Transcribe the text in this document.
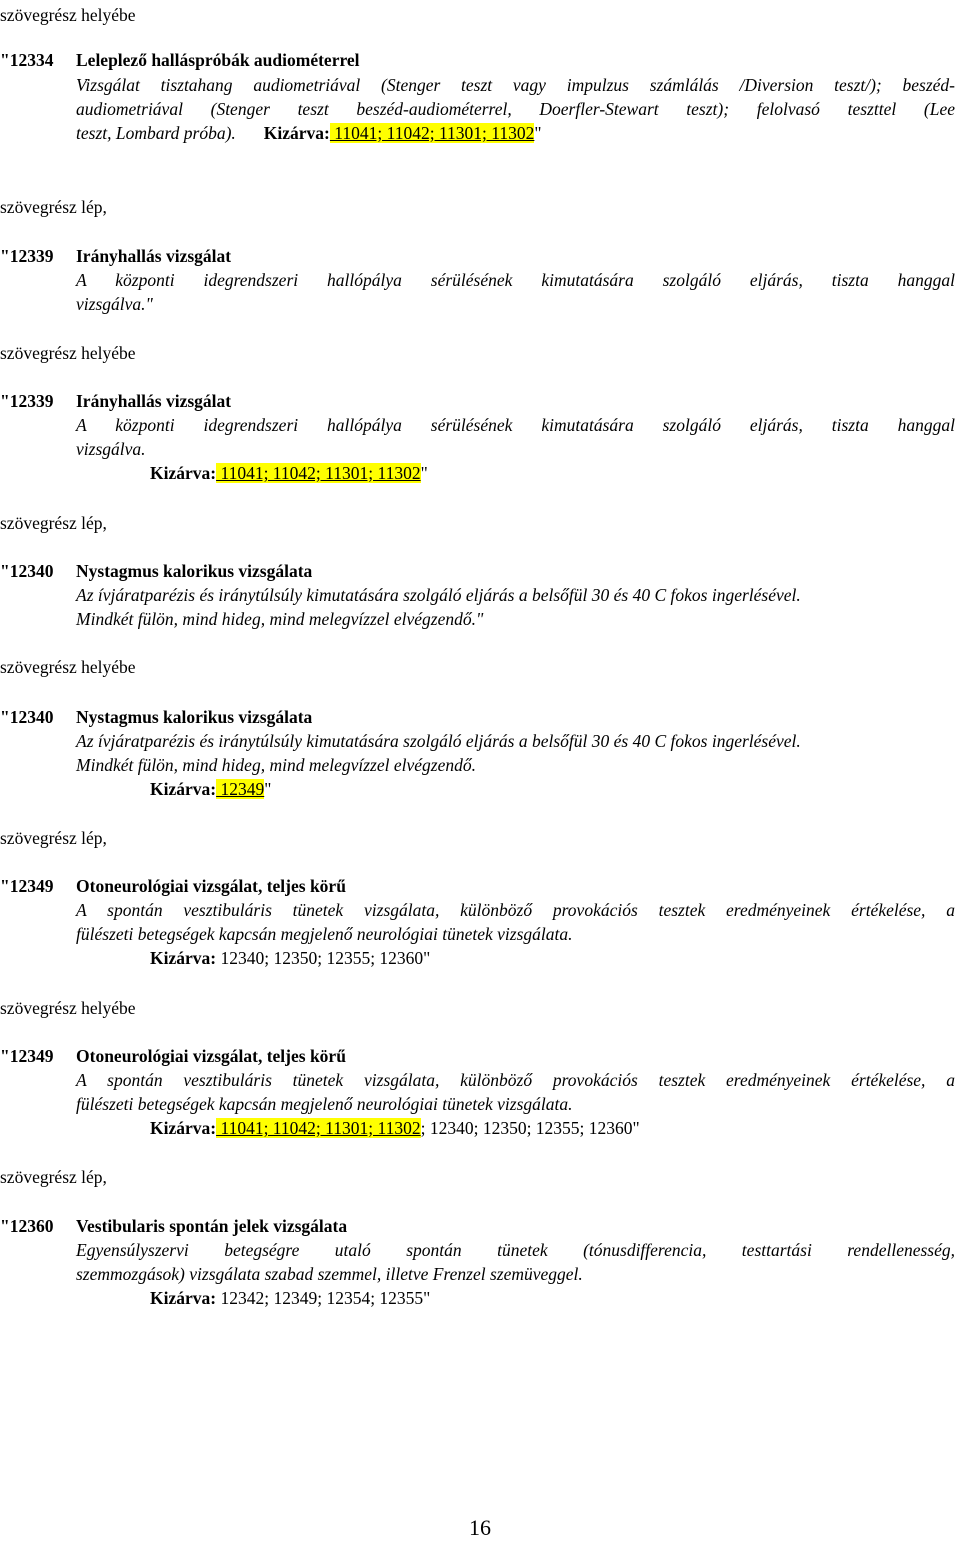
szövegrész helyébe
"12334 Leleplező halláspróbák audiométerrel
Vizsgálat tisztahang audiometriával (Stenger teszt vagy impulzus számlálás /Diversion teszt/); beszéd-
audiometriával (Stenger teszt beszéd-audiométerrel, Doerfler-Stewart teszt); felolvasó teszttel (Lee
teszt, Lombard próba). Kizárva: 11041; 11042; 11301; 11302"
szövegrész lép,
"12339 Irányhallás vizsgálat
A központi idegrendszeri hallópálya sérülésének kimutatására szolgáló eljárás, tiszta hanggal
vizsgálva."
szövegrész helyébe
"12339 Irányhallás vizsgálat
A központi idegrendszeri hallópálya sérülésének kimutatására szolgáló eljárás, tiszta hanggal
vizsgálva.
Kizárva: 11041; 11042; 11301; 11302"
szövegrész lép,
"12340 Nystagmus kalorikus vizsgálata
Az ívjáratparézis és iránytúlsúly kimutatására szolgáló eljárás a belsőfül 30 és 40 C fokos ingerlésével.
Mindkét fülön, mind hideg, mind melegvízzel elvégzendő."
szövegrész helyébe
"12340 Nystagmus kalorikus vizsgálata
Az ívjáratparézis és iránytúlsúly kimutatására szolgáló eljárás a belsőfül 30 és 40 C fokos ingerlésével.
Mindkét fülön, mind hideg, mind melegvízzel elvégzendő.
Kizárva: 12349"
szövegrész lép,
"12349 Otoneurológiai vizsgálat, teljes körű
A spontán vesztibuláris tünetek vizsgálata, különböző provokációs tesztek eredményeinek értékelése, a
fülészeti betegségek kapcsán megjelenő neurológiai tünetek vizsgálata.
Kizárva: 12340; 12350; 12355; 12360"
szövegrész helyébe
"12349 Otoneurológiai vizsgálat, teljes körű
A spontán vesztibuláris tünetek vizsgálata, különböző provokációs tesztek eredményeinek értékelése, a
fülészeti betegségek kapcsán megjelenő neurológiai tünetek vizsgálata.
Kizárva: 11041; 11042; 11301; 11302; 12340; 12350; 12355; 12360"
szövegrész lép,
"12360 Vestibularis spontán jelek vizsgálata
Egyensúlyszervi betegségre utaló spontán tünetek (tónusdifferencia, testtartási rendellenesség,
szemmozgások) vizsgálata szabad szemmel, illetve Frenzel szemüveggel.
Kizárva: 12342; 12349; 12354; 12355"
16
